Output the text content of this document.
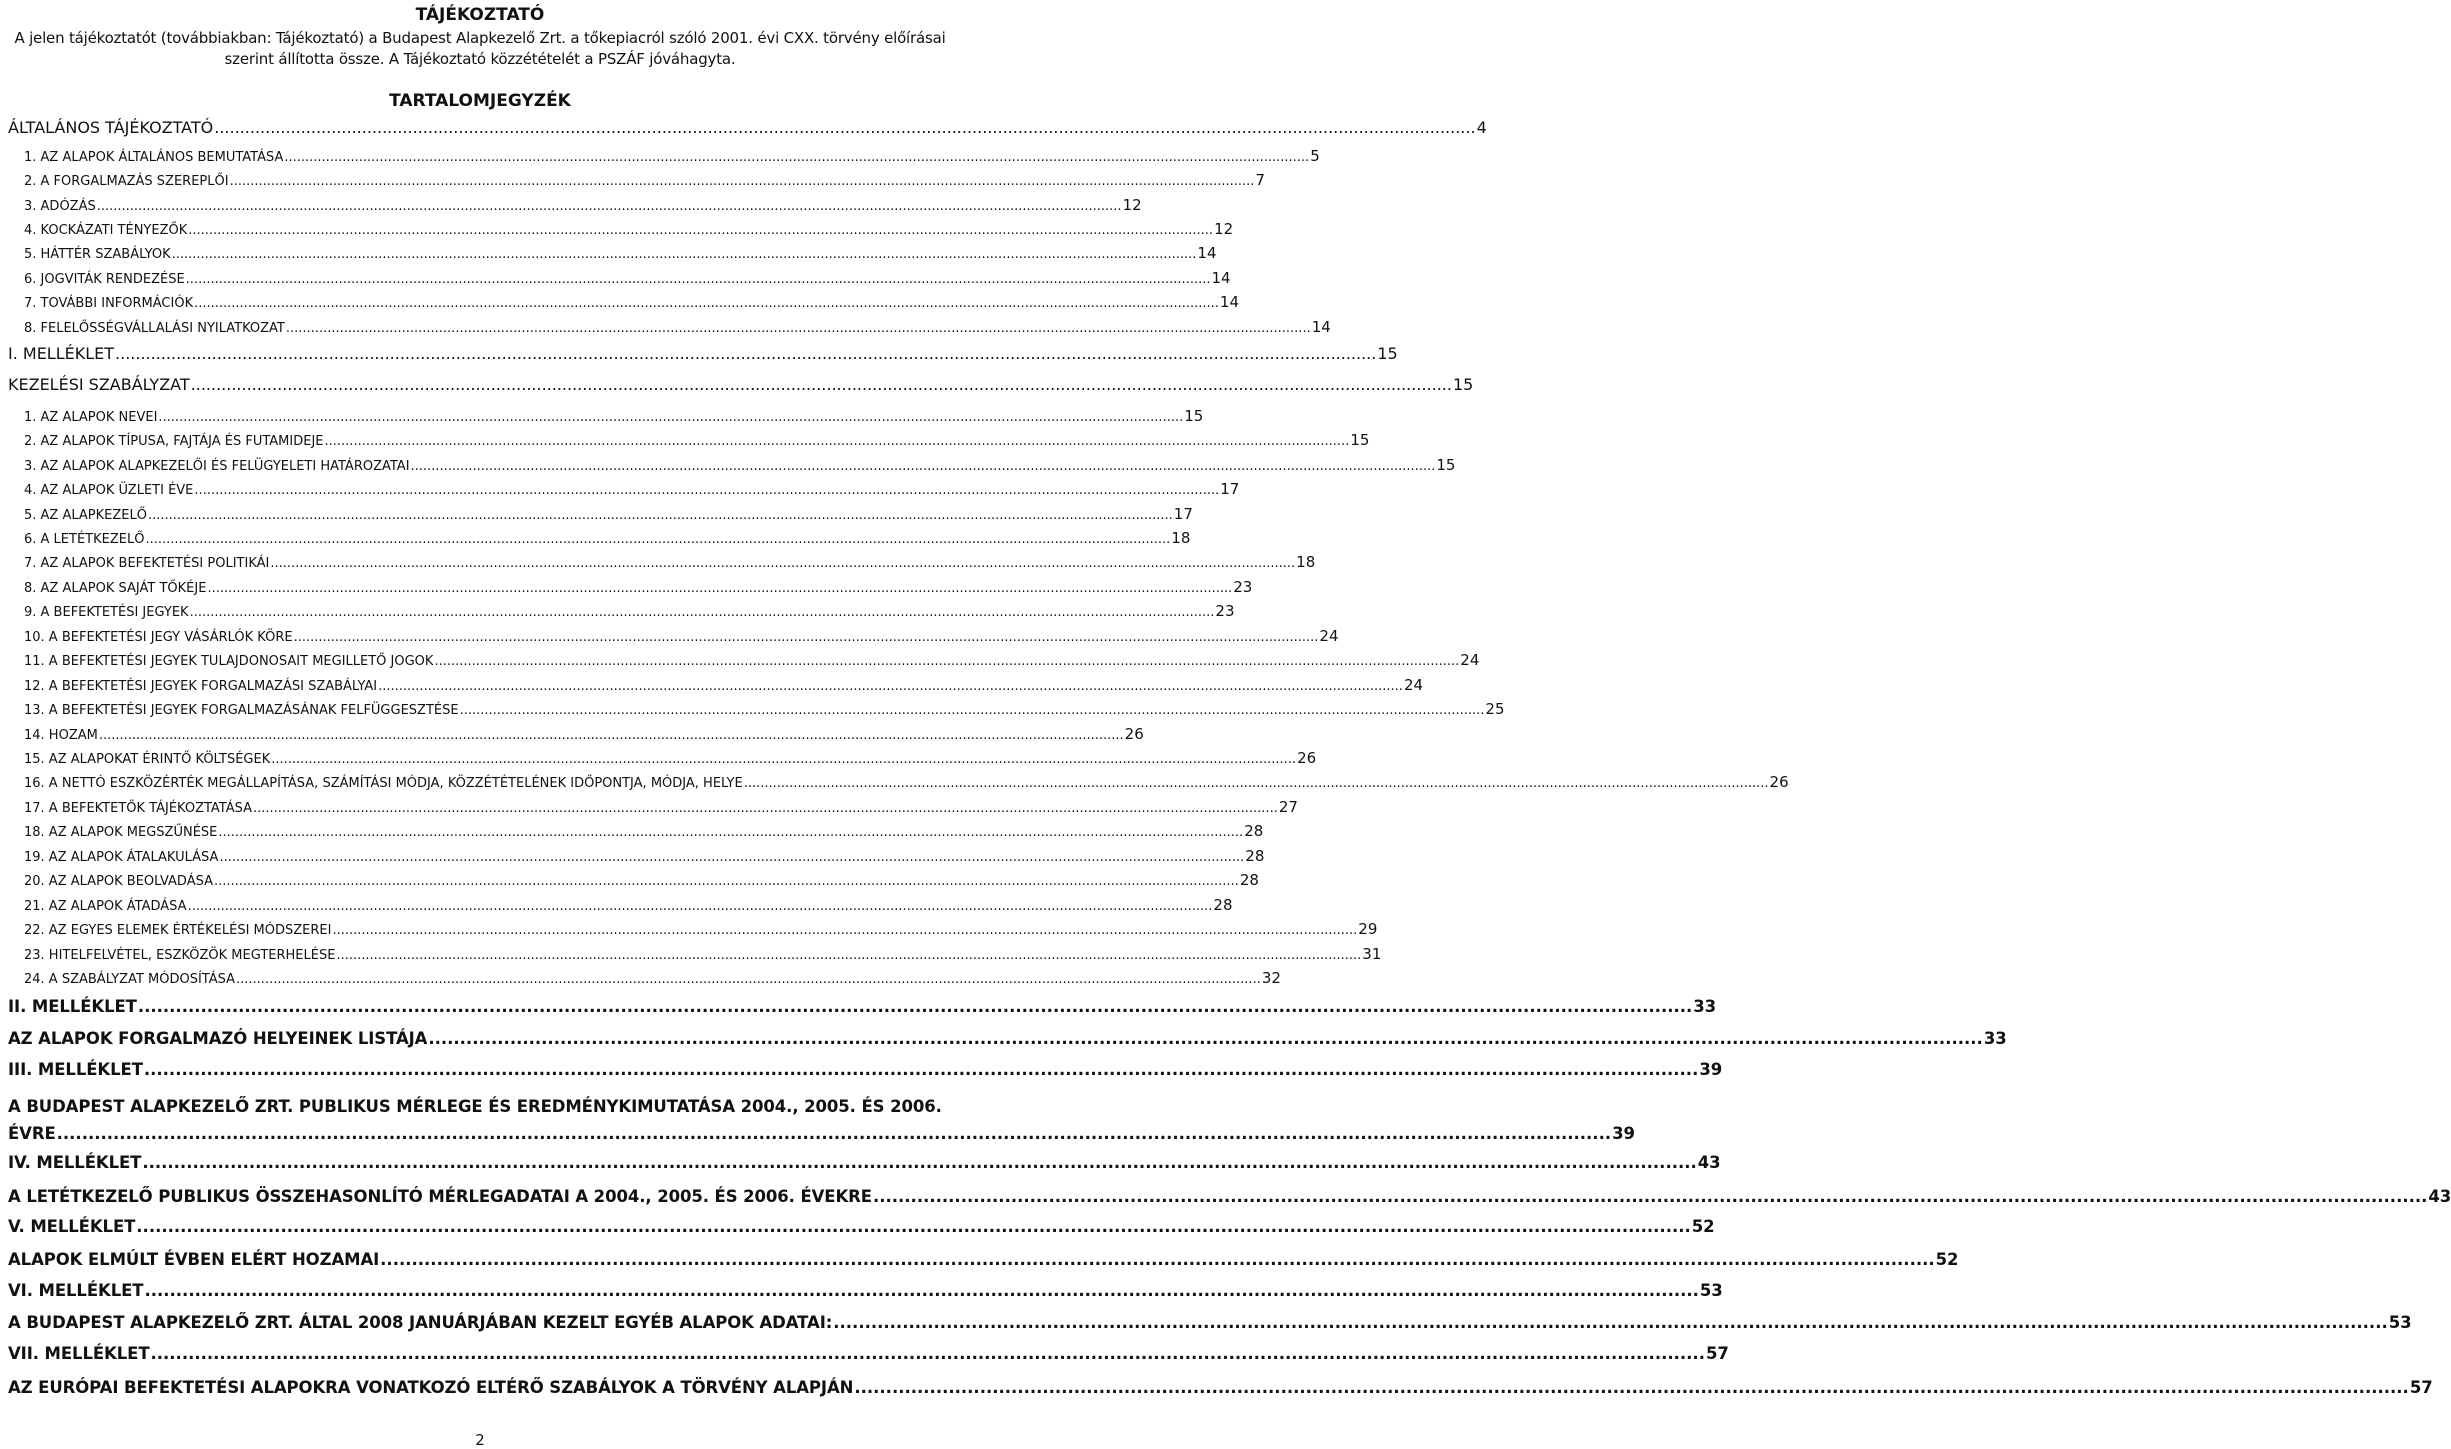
TÁJÉKOZTATÓ
A jelen tájékoztatót (továbbiakban: Tájékoztató) a Budapest Alapkezelő Zrt. a tőkepiacról szóló 2001. évi CXX. törvény előírásai szerint állította össze. A Tájékoztató közzétételét a PSZÁF jóváhagyta.
TARTALOMJEGYZÉK
ÁLTALÁNOS TÁJÉKOZTATÓ .....	4
1. AZ ALAPOK ÁLTALÁNOS BEMUTATÁSA .....	5
2. A FORGALMAZÁS SZEREPLŐI .....	7
3. ADÓZÁS .....	12
4. KOCKÁZATI TÉNYEZŐK .....	12
5. HÁTTÉR SZABÁLYOK .....	14
6. JOGVITÁK RENDEZÉSE .....	14
7. TOVÁBBI INFORMÁCIÓK .....	14
8. FELELŐSSÉGVÁLLALÁSI NYILATKOZAT .....	14
I. MELLÉKLET .....	15
KEZELÉSI SZABÁLYZAT .....	15
1. AZ ALAPOK NEVEI .....	15
2. AZ ALAPOK TÍPUSA, FAJTÁJA ÉS FUTAMIDEJE .....	15
3. AZ ALAPOK ALAPKEZELŐI ÉS FELÜGYELETI HATÁROZATAI .....	15
4. AZ ALAPOK ÜZLETI ÉVE .....	17
5. AZ ALAPKEZELŐ .....	17
6. A LETÉTKEZELŐ .....	18
7. AZ ALAPOK BEFEKTETÉSI POLITIKÁI .....	18
8. AZ ALAPOK SAJÁT TŐKÉJE .....	23
9. A BEFEKTETÉSI JEGYEK .....	23
10. A BEFEKTETÉSI JEGY VÁSÁRLÓK KÖRE .....	24
11. A BEFEKTETÉSI JEGYEK TULAJDONOSAIT MEGILLETŐ JOGOK .....	24
12. A BEFEKTETÉSI JEGYEK FORGALMAZÁSI SZABÁLYAI .....	24
13. A BEFEKTETÉSI JEGYEK FORGALMAZÁSÁNAK FELFÜGGESZTÉSE .....	25
14. HOZAM .....	26
15. AZ ALAPOKAT ÉRINTŐ KÖLTSÉGEK .....	26
16. A NETTÓ ESZKÖZÉRTÉK MEGÁLLAPÍTÁSA, SZÁMÍTÁSI MÓDJA, KÖZZÉTÉTELÉNEK IDŐPONTJA, MÓDJA, HELYE .....	26
17. A BEFEKTETŐK TÁJÉKOZTATÁSA .....	27
18. AZ ALAPOK MEGSZŰNÉSE .....	28
19. AZ ALAPOK ÁTALAKULÁSA .....	28
20. AZ ALAPOK BEOLVADÁSA .....	28
21. AZ ALAPOK ÁTADÁSA .....	28
22. AZ EGYES ELEMEK ÉRTÉKELÉSI MÓDSZEREI .....	29
23. HITELFELVÉTEL, ESZKÖZÖK MEGTERHELÉSE .....	31
24. A SZABÁLYZAT MÓDOSÍTÁSA .....	32
II. MELLÉKLET .....	33
AZ ALAPOK FORGALMAZÓ HELYEINEK LISTÁJA .....	33
III. MELLÉKLET .....	39
A BUDAPEST ALAPKEZELŐ ZRT. PUBLIKUS MÉRLEGE ÉS EREDMÉNYKIMUTATÁSA 2004., 2005. ÉS 2006.
ÉVRE .....	39
IV. MELLÉKLET .....	43
A LETÉTKEZELŐ PUBLIKUS ÖSSZEHASONLÍTÓ MÉRLEGADATAI A 2004., 2005. ÉS 2006. ÉVEKRE .....	43
V. MELLÉKLET .....	52
ALAPOK ELMÚLT ÉVBEN ELÉRT HOZAMAI .....	52
VI. MELLÉKLET .....	53
A BUDAPEST ALAPKEZELŐ ZRT. ÁLTAL 2008 JANUÁRJÁBAN KEZELT EGYÉB ALAPOK ADATAI: .....	53
VII. MELLÉKLET .....	57
AZ EURÓPAI BEFEKTETÉSI ALAPOKRA VONATKOZÓ ELTÉRŐ SZABÁLYOK A TÖRVÉNY ALAPJÁN .....	57
2
